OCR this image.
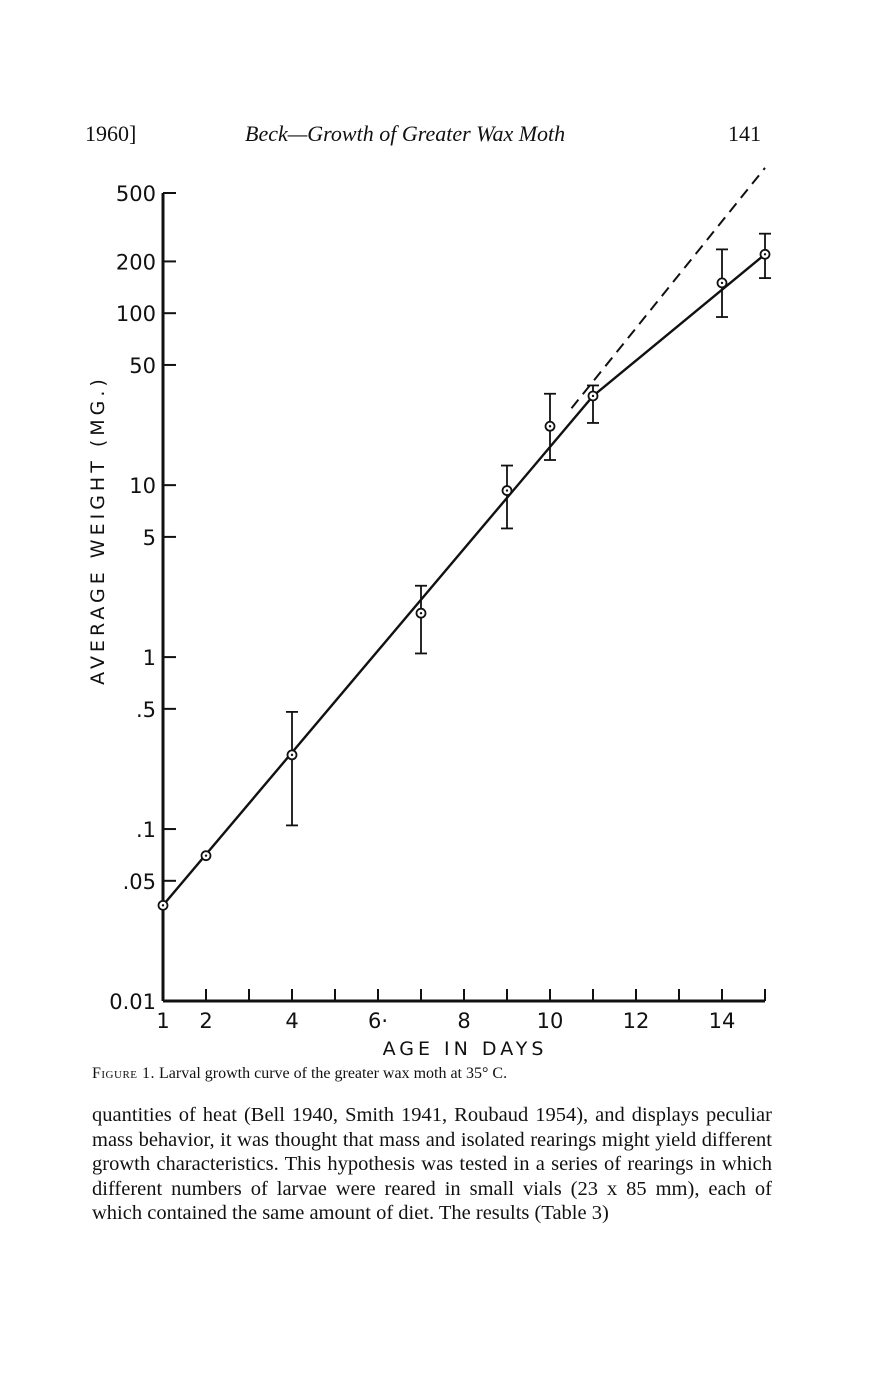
1960]	Beck—Growth of Greater Wax Moth	141
0.01
.05
.1
.5
1
5
10
50
100
200
500
1 2	4	6·	8	10	12	14
AGE IN DAYS
AVERAGE WEIGHT (MG.)
Figure 1. Larval growth curve of the greater wax moth at 35° C.

quantities of heat (Bell 1940, Smith 1941, Roubaud 1954), and displays peculiar mass behavior, it was thought that mass and isolated rearings might yield different growth characteristics. This hypothesis was tested in a series of rearings in which different numbers of larvae were reared in small vials (23 x 85 mm), each of which contained the same amount of diet. The results (Table 3)
